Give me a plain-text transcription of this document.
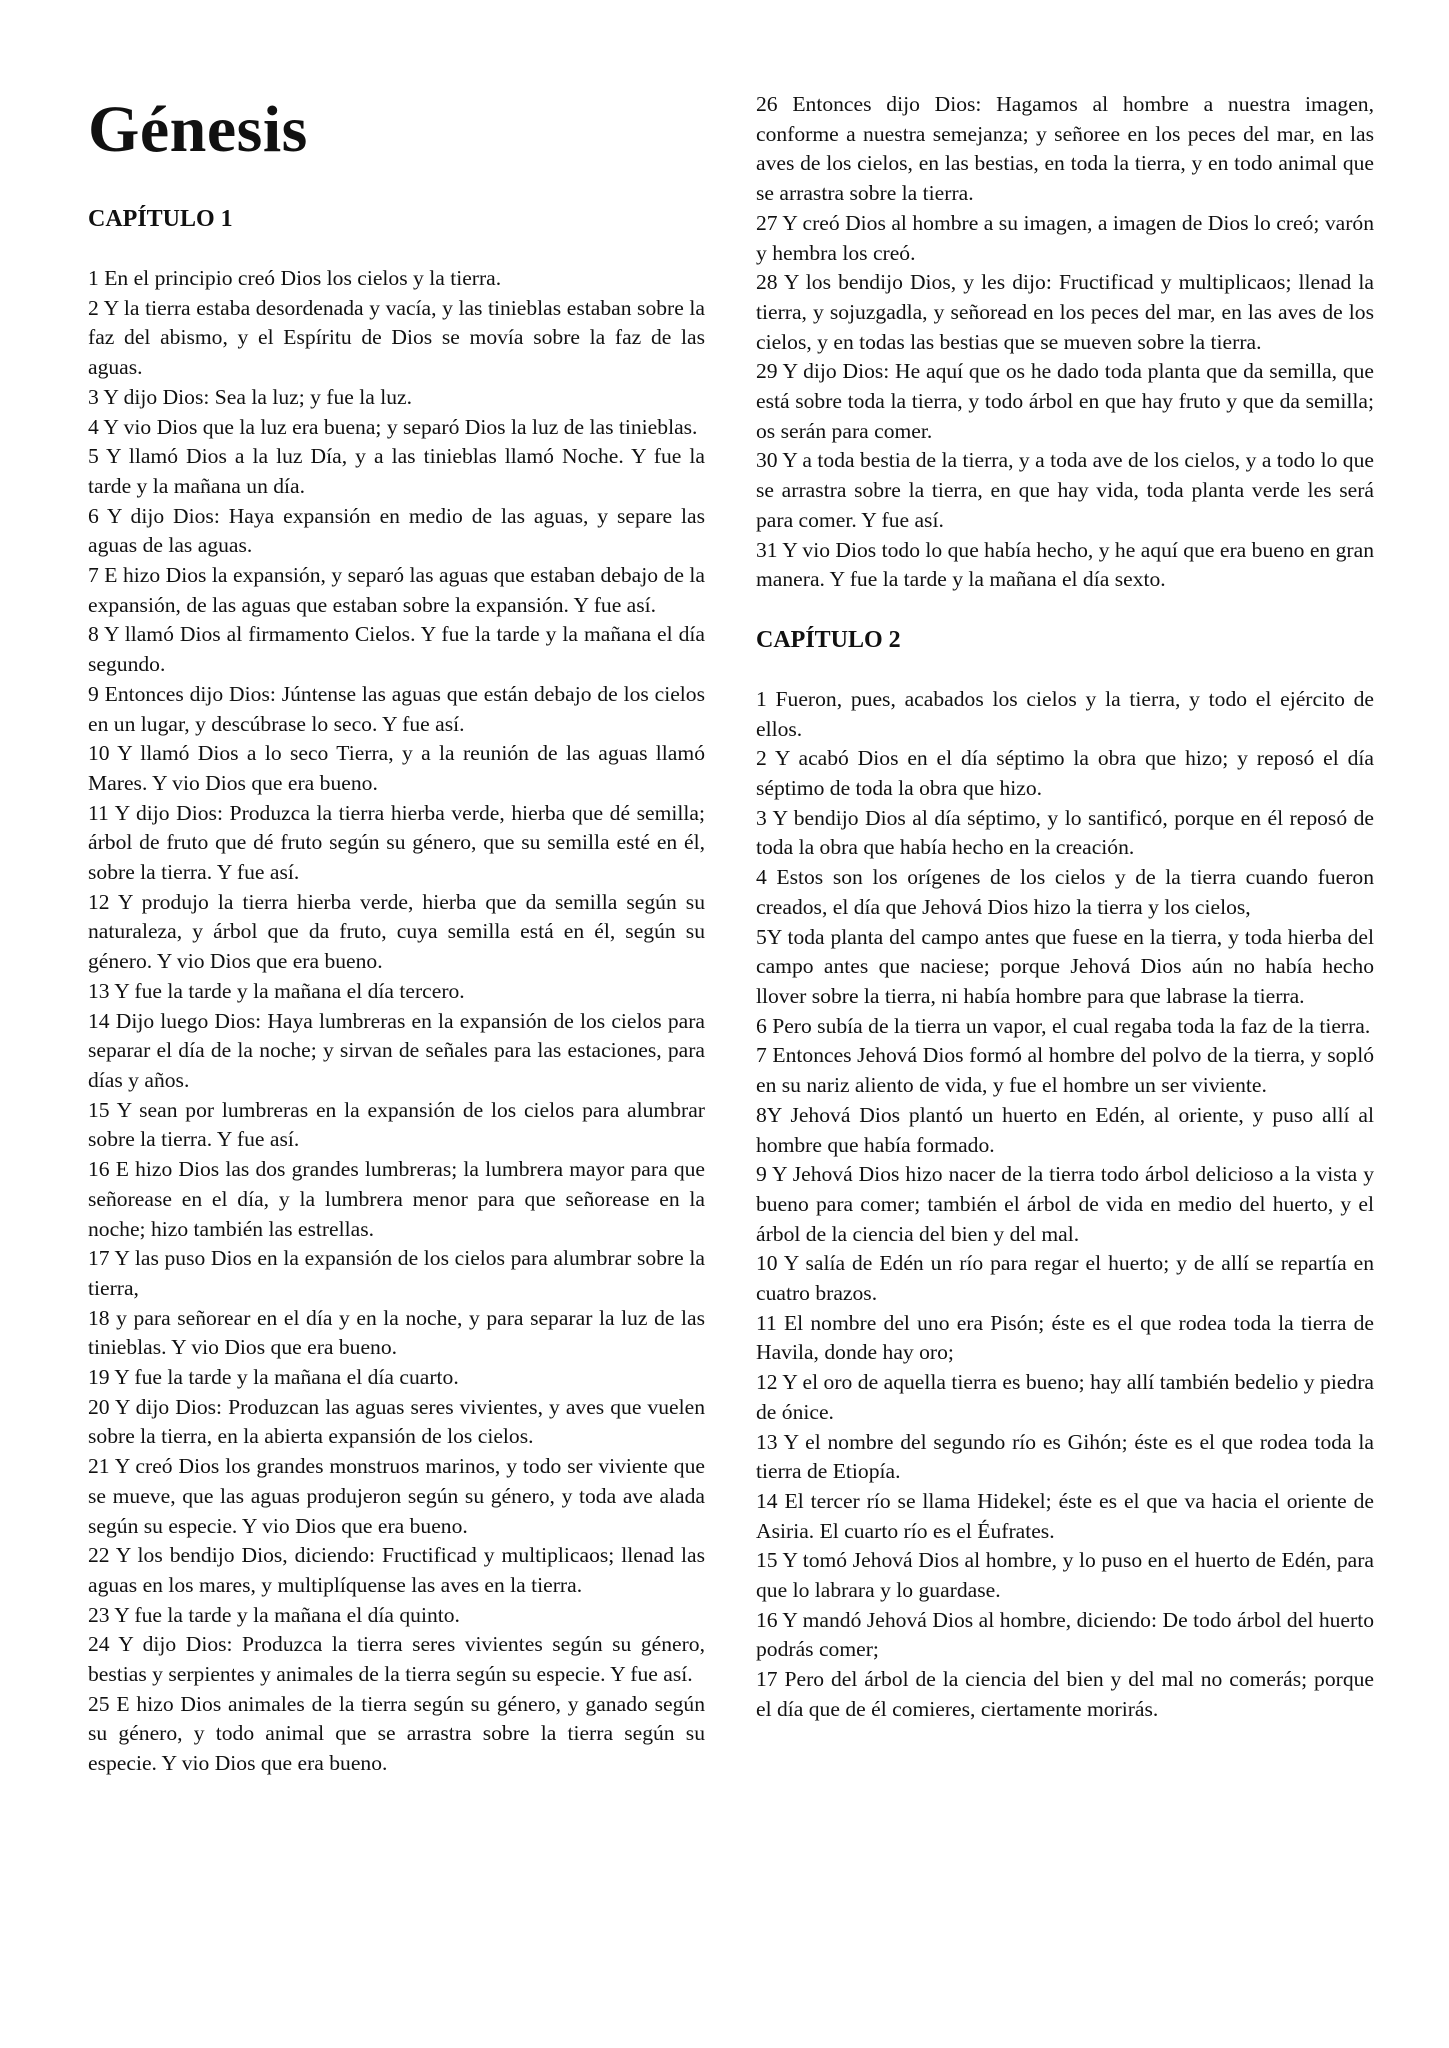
Génesis
CAPÍTULO 1

1 En el principio creó Dios los cielos y la tierra.

2 Y la tierra estaba desordenada y vacía, y las tinieblas estaban sobre la faz del abismo, y el Espíritu de Dios se movía sobre la faz de las aguas.

3 Y dijo Dios: Sea la luz; y fue la luz.

4 Y vio Dios que la luz era buena; y separó Dios la luz de las tinieblas.

5 Y llamó Dios a la luz Día, y a las tinieblas llamó Noche. Y fue la tarde y la mañana un día.

6 Y dijo Dios: Haya expansión en medio de las aguas, y separe las aguas de las aguas.

7 E hizo Dios la expansión, y separó las aguas que estaban debajo de la expansión, de las aguas que estaban sobre la expansión. Y fue así.

8 Y llamó Dios al firmamento Cielos. Y fue la tarde y la mañana el día segundo.

9 Entonces dijo Dios: Júntense las aguas que están debajo de los cielos en un lugar, y descúbrase lo seco. Y fue así.

10 Y llamó Dios a lo seco Tierra, y a la reunión de las aguas llamó Mares. Y vio Dios que era bueno.

11 Y dijo Dios: Produzca la tierra hierba verde, hierba que dé semilla; árbol de fruto que dé fruto según su género, que su semilla esté en él, sobre la tierra. Y fue así.

12 Y produjo la tierra hierba verde, hierba que da semilla según su naturaleza, y árbol que da fruto, cuya semilla está en él, según su género. Y vio Dios que era bueno.

13 Y fue la tarde y la mañana el día tercero.

14 Dijo luego Dios: Haya lumbreras en la expansión de los cielos para separar el día de la noche; y sirvan de señales para las estaciones, para días y años.

15 Y sean por lumbreras en la expansión de los cielos para alumbrar sobre la tierra. Y fue así.

16 E hizo Dios las dos grandes lumbreras; la lumbrera mayor para que señorease en el día, y la lumbrera menor para que señorease en la noche; hizo también las estrellas.

17 Y las puso Dios en la expansión de los cielos para alumbrar sobre la tierra,

18 y para señorear en el día y en la noche, y para separar la luz de las tinieblas. Y vio Dios que era bueno.

19 Y fue la tarde y la mañana el día cuarto.

20 Y dijo Dios: Produzcan las aguas seres vivientes, y aves que vuelen sobre la tierra, en la abierta expansión de los cielos.

21 Y creó Dios los grandes monstruos marinos, y todo ser viviente que se mueve, que las aguas produjeron según su género, y toda ave alada según su especie. Y vio Dios que era bueno.

22 Y los bendijo Dios, diciendo: Fructificad y multiplicaos; llenad las aguas en los mares, y multiplíquense las aves en la tierra.

23 Y fue la tarde y la mañana el día quinto.

24 Y dijo Dios: Produzca la tierra seres vivientes según su género, bestias y serpientes y animales de la tierra según su especie. Y fue así.

25 E hizo Dios animales de la tierra según su género, y ganado según su género, y todo animal que se arrastra sobre la tierra según su especie. Y vio Dios que era bueno.

26 Entonces dijo Dios: Hagamos al hombre a nuestra imagen, conforme a nuestra semejanza; y señoree en los peces del mar, en las aves de los cielos, en las bestias, en toda la tierra, y en todo animal que se arrastra sobre la tierra.

27 Y creó Dios al hombre a su imagen, a imagen de Dios lo creó; varón y hembra los creó.

28 Y los bendijo Dios, y les dijo: Fructificad y multiplicaos; llenad la tierra, y sojuzgadla, y señoread en los peces del mar, en las aves de los cielos, y en todas las bestias que se mueven sobre la tierra.

29 Y dijo Dios: He aquí que os he dado toda planta que da semilla, que está sobre toda la tierra, y todo árbol en que hay fruto y que da semilla; os serán para comer.

30 Y a toda bestia de la tierra, y a toda ave de los cielos, y a todo lo que se arrastra sobre la tierra, en que hay vida, toda planta verde les será para comer. Y fue así.

31 Y vio Dios todo lo que había hecho, y he aquí que era bueno en gran manera. Y fue la tarde y la mañana el día sexto.

CAPÍTULO 2

1 Fueron, pues, acabados los cielos y la tierra, y todo el ejército de ellos.

2 Y acabó Dios en el día séptimo la obra que hizo; y reposó el día séptimo de toda la obra que hizo.

3 Y bendijo Dios al día séptimo, y lo santificó, porque en él reposó de toda la obra que había hecho en la creación.

4 Estos son los orígenes de los cielos y de la tierra cuando fueron creados, el día que Jehová Dios hizo la tierra y los cielos,

5Y toda planta del campo antes que fuese en la tierra, y toda hierba del campo antes que naciese; porque Jehová Dios aún no había hecho llover sobre la tierra, ni había hombre para que labrase la tierra.

6 Pero subía de la tierra un vapor, el cual regaba toda la faz de la tierra.

7 Entonces Jehová Dios formó al hombre del polvo de la tierra, y sopló en su nariz aliento de vida, y fue el hombre un ser viviente.

8Y Jehová Dios plantó un huerto en Edén, al oriente, y puso allí al hombre que había formado.

9 Y Jehová Dios hizo nacer de la tierra todo árbol delicioso a la vista y bueno para comer; también el árbol de vida en medio del huerto, y el árbol de la ciencia del bien y del mal.

10 Y salía de Edén un río para regar el huerto; y de allí se repartía en cuatro brazos.

11 El nombre del uno era Pisón; éste es el que rodea toda la tierra de Havila, donde hay oro;

12 Y el oro de aquella tierra es bueno; hay allí también bedelio y piedra de ónice.

13 Y el nombre del segundo río es Gihón; éste es el que rodea toda la tierra de Etiopía.

14 El tercer río se llama Hidekel; éste es el que va hacia el oriente de Asiria. El cuarto río es el Éufrates.

15 Y tomó Jehová Dios al hombre, y lo puso en el huerto de Edén, para que lo labrara y lo guardase.

16 Y mandó Jehová Dios al hombre, diciendo: De todo árbol del huerto podrás comer;

17 Pero del árbol de la ciencia del bien y del mal no comerás; porque el día que de él comieres, ciertamente morirás.
